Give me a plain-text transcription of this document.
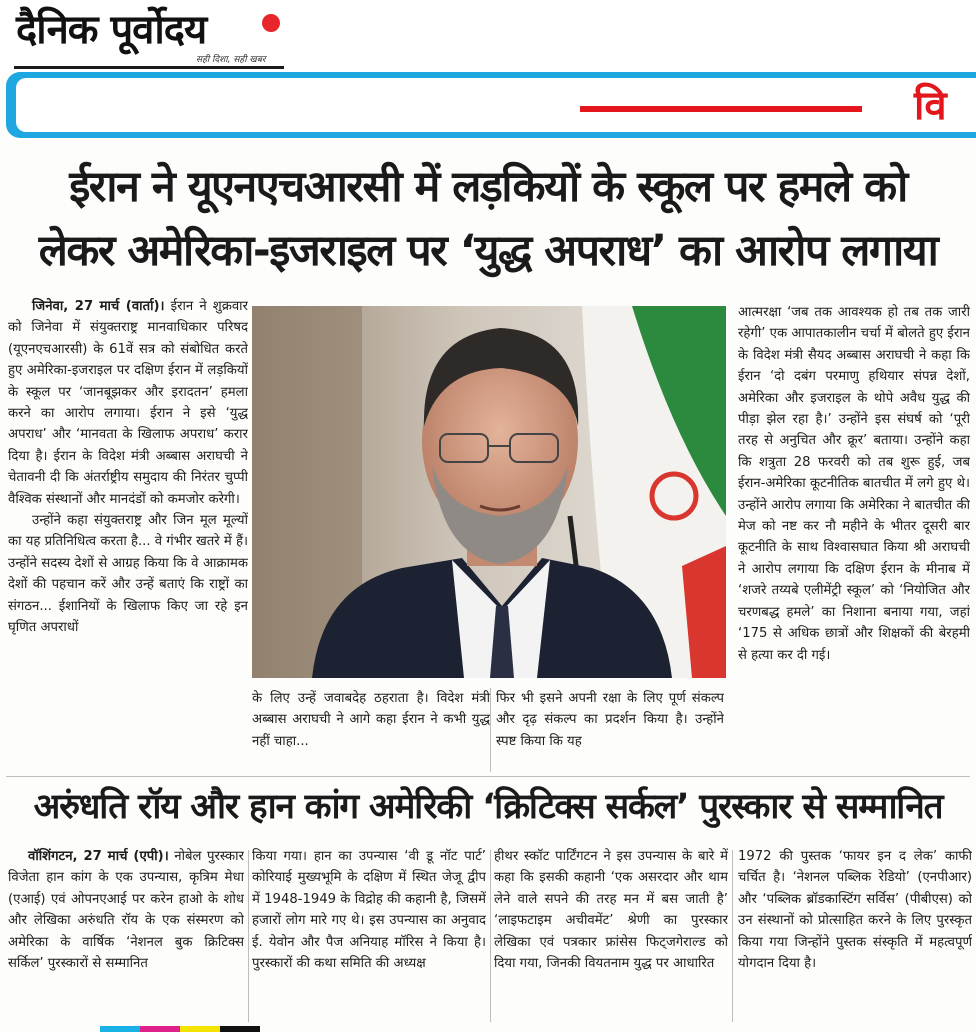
दैनिक पूर्वोदय
सही दिशा, सही खबर
वि
ईरान ने यूएनएचआरसी में लड़कियों के स्कूल पर हमले को
लेकर अमेरिका-इजराइल पर ‘युद्ध अपराध’ का आरोप लगाया

जिनेवा, 27 मार्च (वार्ता)। ईरान ने शुक्रवार को जिनेवा में संयुक्तराष्ट्र मानवाधिकार परिषद (यूएनएचआरसी) के 61वें सत्र को संबोधित करते हुए अमेरिका-इजराइल पर दक्षिण ईरान में लड़कियों के स्कूल पर ‘जानबूझकर और इरादतन’ हमला करने का आरोप लगाया। ईरान ने इसे ‘युद्ध अपराध’ और ‘मानवता के खिलाफ अपराध’ करार दिया है। ईरान के विदेश मंत्री अब्बास अराघची ने चेतावनी दी कि अंतर्राष्ट्रीय समुदाय की निरंतर चुप्पी वैश्विक संस्थानों और मानदंडों को कमजोर करेगी।

उन्होंने कहा संयुक्तराष्ट्र और जिन मूल मूल्यों का यह प्रतिनिधित्व करता है... वे गंभीर खतरे में हैं। उन्होंने सदस्य देशों से आग्रह किया कि वे आक्रामक देशों की पहचान करें और उन्हें बताएं कि राष्ट्रों का संगठन... ईशानियों के खिलाफ किए जा रहे इन घृणित अपराधों

के लिए उन्हें जवाबदेह ठहराता है। विदेश मंत्री अब्बास अराघची ने आगे कहा ईरान ने कभी युद्ध नहीं चाहा...
फिर भी इसने अपनी रक्षा के लिए पूर्ण संकल्प और दृढ़ संकल्प का प्रदर्शन किया है। उन्होंने स्पष्ट किया कि यह
आत्मरक्षा ‘जब तक आवश्यक हो तब तक जारी रहेगी’ एक आपातकालीन चर्चा में बोलते हुए ईरान के विदेश मंत्री सैयद अब्बास अराघची ने कहा कि ईरान ‘दो दबंग परमाणु हथियार संपन्न देशों, अमेरिका और इजराइल के थोपे अवैध युद्ध की पीड़ा झेल रहा है।’ उन्होंने इस संघर्ष को ‘पूरी तरह से अनुचित और क्रूर’ बताया। उन्होंने कहा कि शत्रुता 28 फरवरी को तब शुरू हुई, जब ईरान-अमेरिका कूटनीतिक बातचीत में लगे हुए थे। उन्होंने आरोप लगाया कि अमेरिका ने बातचीत की मेज को नष्ट कर नौ महीने के भीतर दूसरी बार कूटनीति के साथ विश्वासघात किया श्री अराघची ने आरोप लगाया कि दक्षिण ईरान के मीनाब में ‘शजरे तय्यबे एलीमेंट्री स्कूल’ को ‘नियोजित और चरणबद्ध हमले’ का निशाना बनाया गया, जहां ‘175 से अधिक छात्रों और शिक्षकों की बेरहमी से हत्या कर दी गई।
अरुंधति रॉय और हान कांग अमेरिकी ‘क्रिटिक्स सर्कल’ पुरस्कार से सम्मानित

वॉशिंगटन, 27 मार्च (एपी)। नोबेल पुरस्कार विजेता हान कांग के एक उपन्यास, कृत्रिम मेधा (एआई) एवं ओपनएआई पर करेन हाओ के शोध और लेखिका अरुंधति रॉय के एक संस्मरण को अमेरिका के वार्षिक ‘नेशनल बुक क्रिटिक्स सर्किल’ पुरस्कारों से सम्मानित

किया गया। हान का उपन्यास ‘वी डू नॉट पार्ट’ कोरियाई मुख्यभूमि के दक्षिण में स्थित जेजू द्वीप में 1948-1949 के विद्रोह की कहानी है, जिसमें हजारों लोग मारे गए थे। इस उपन्यास का अनुवाद ई. येवोन और पैज अनियाह मॉरिस ने किया है। पुरस्कारों की कथा समिति की अध्यक्ष
हीथर स्कॉट पार्टिंगटन ने इस उपन्यास के बारे में कहा कि इसकी कहानी ‘एक असरदार और थाम लेने वाले सपने की तरह मन में बस जाती है’ ‘लाइफटाइम अचीवमेंट’ श्रेणी का पुरस्कार लेखिका एवं पत्रकार फ्रांसेस फिट्जगेराल्ड को दिया गया, जिनकी वियतनाम युद्ध पर आधारित
1972 की पुस्तक ‘फायर इन द लेक’ काफी चर्चित है। ‘नेशनल पब्लिक रेडियो’ (एनपीआर) और ‘पब्लिक ब्रॉडकास्टिंग सर्विस’ (पीबीएस) को उन संस्थानों को प्रोत्साहित करने के लिए पुरस्कृत किया गया जिन्होंने पुस्तक संस्कृति में महत्वपूर्ण योगदान दिया है।
